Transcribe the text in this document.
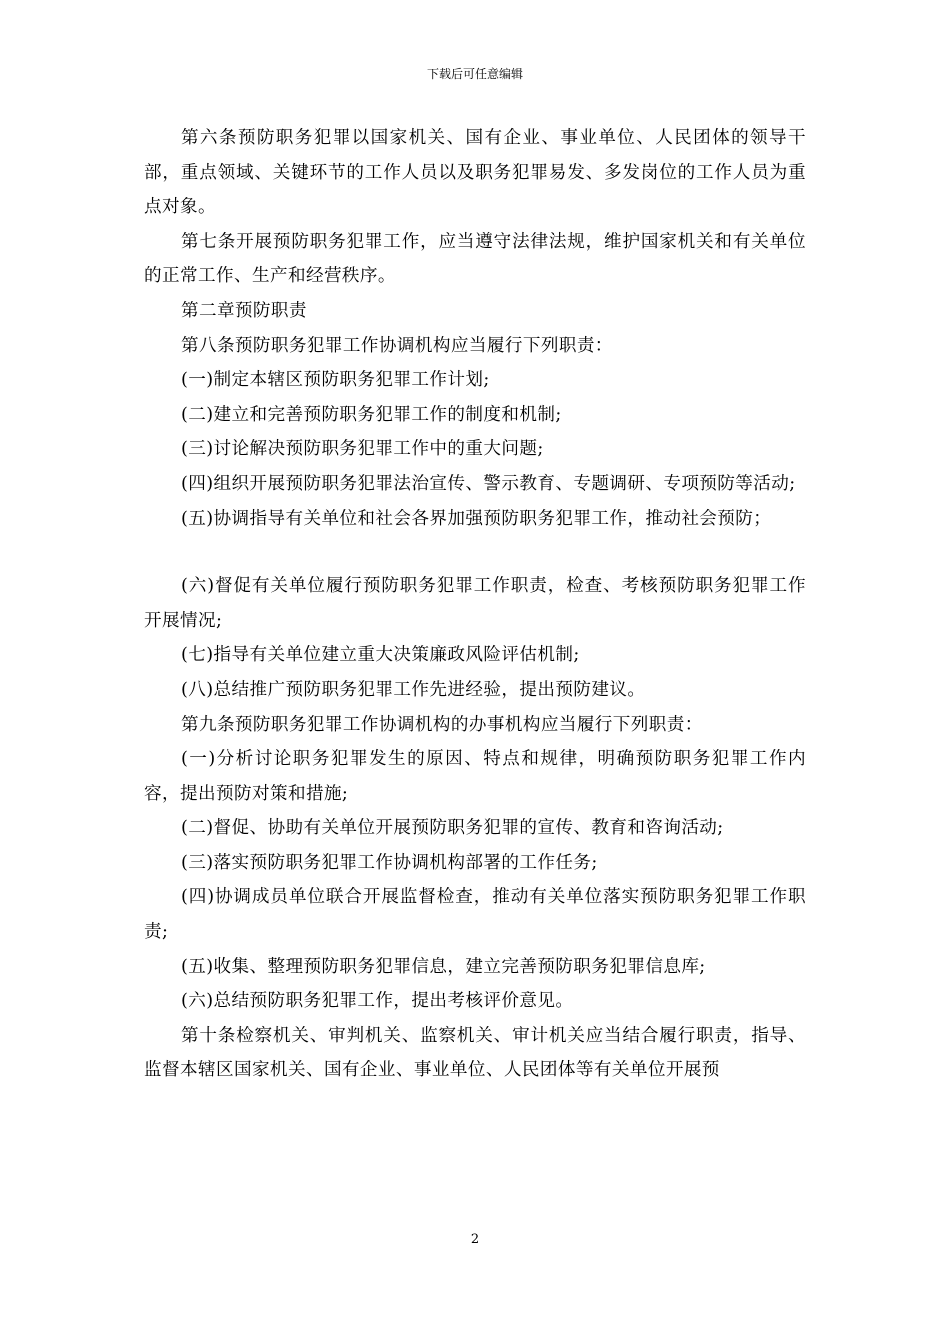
下载后可任意编辑

第六条预防职务犯罪以国家机关、国有企业、事业单位、人民团体的领导干部，重点领域、关键环节的工作人员以及职务犯罪易发、多发岗位的工作人员为重点对象。

第七条开展预防职务犯罪工作，应当遵守法律法规，维护国家机关和有关单位的正常工作、生产和经营秩序。

第二章预防职责

第八条预防职务犯罪工作协调机构应当履行下列职责：

(一)制定本辖区预防职务犯罪工作计划;

(二)建立和完善预防职务犯罪工作的制度和机制;

(三)讨论解决预防职务犯罪工作中的重大问题;

(四)组织开展预防职务犯罪法治宣传、警示教育、专题调研、专项预防等活动;

(五)协调指导有关单位和社会各界加强预防职务犯罪工作，推动社会预防；

(六)督促有关单位履行预防职务犯罪工作职责，检查、考核预防职务犯罪工作开展情况;

(七)指导有关单位建立重大决策廉政风险评估机制;

(八)总结推广预防职务犯罪工作先进经验，提出预防建议。

第九条预防职务犯罪工作协调机构的办事机构应当履行下列职责：

(一)分析讨论职务犯罪发生的原因、特点和规律，明确预防职务犯罪工作内容，提出预防对策和措施;

(二)督促、协助有关单位开展预防职务犯罪的宣传、教育和咨询活动;

(三)落实预防职务犯罪工作协调机构部署的工作任务;

(四)协调成员单位联合开展监督检查，推动有关单位落实预防职务犯罪工作职责;

(五)收集、整理预防职务犯罪信息，建立完善预防职务犯罪信息库;

(六)总结预防职务犯罪工作，提出考核评价意见。

第十条检察机关、审判机关、监察机关、审计机关应当结合履行职责，指导、监督本辖区国家机关、国有企业、事业单位、人民团体等有关单位开展预

2
